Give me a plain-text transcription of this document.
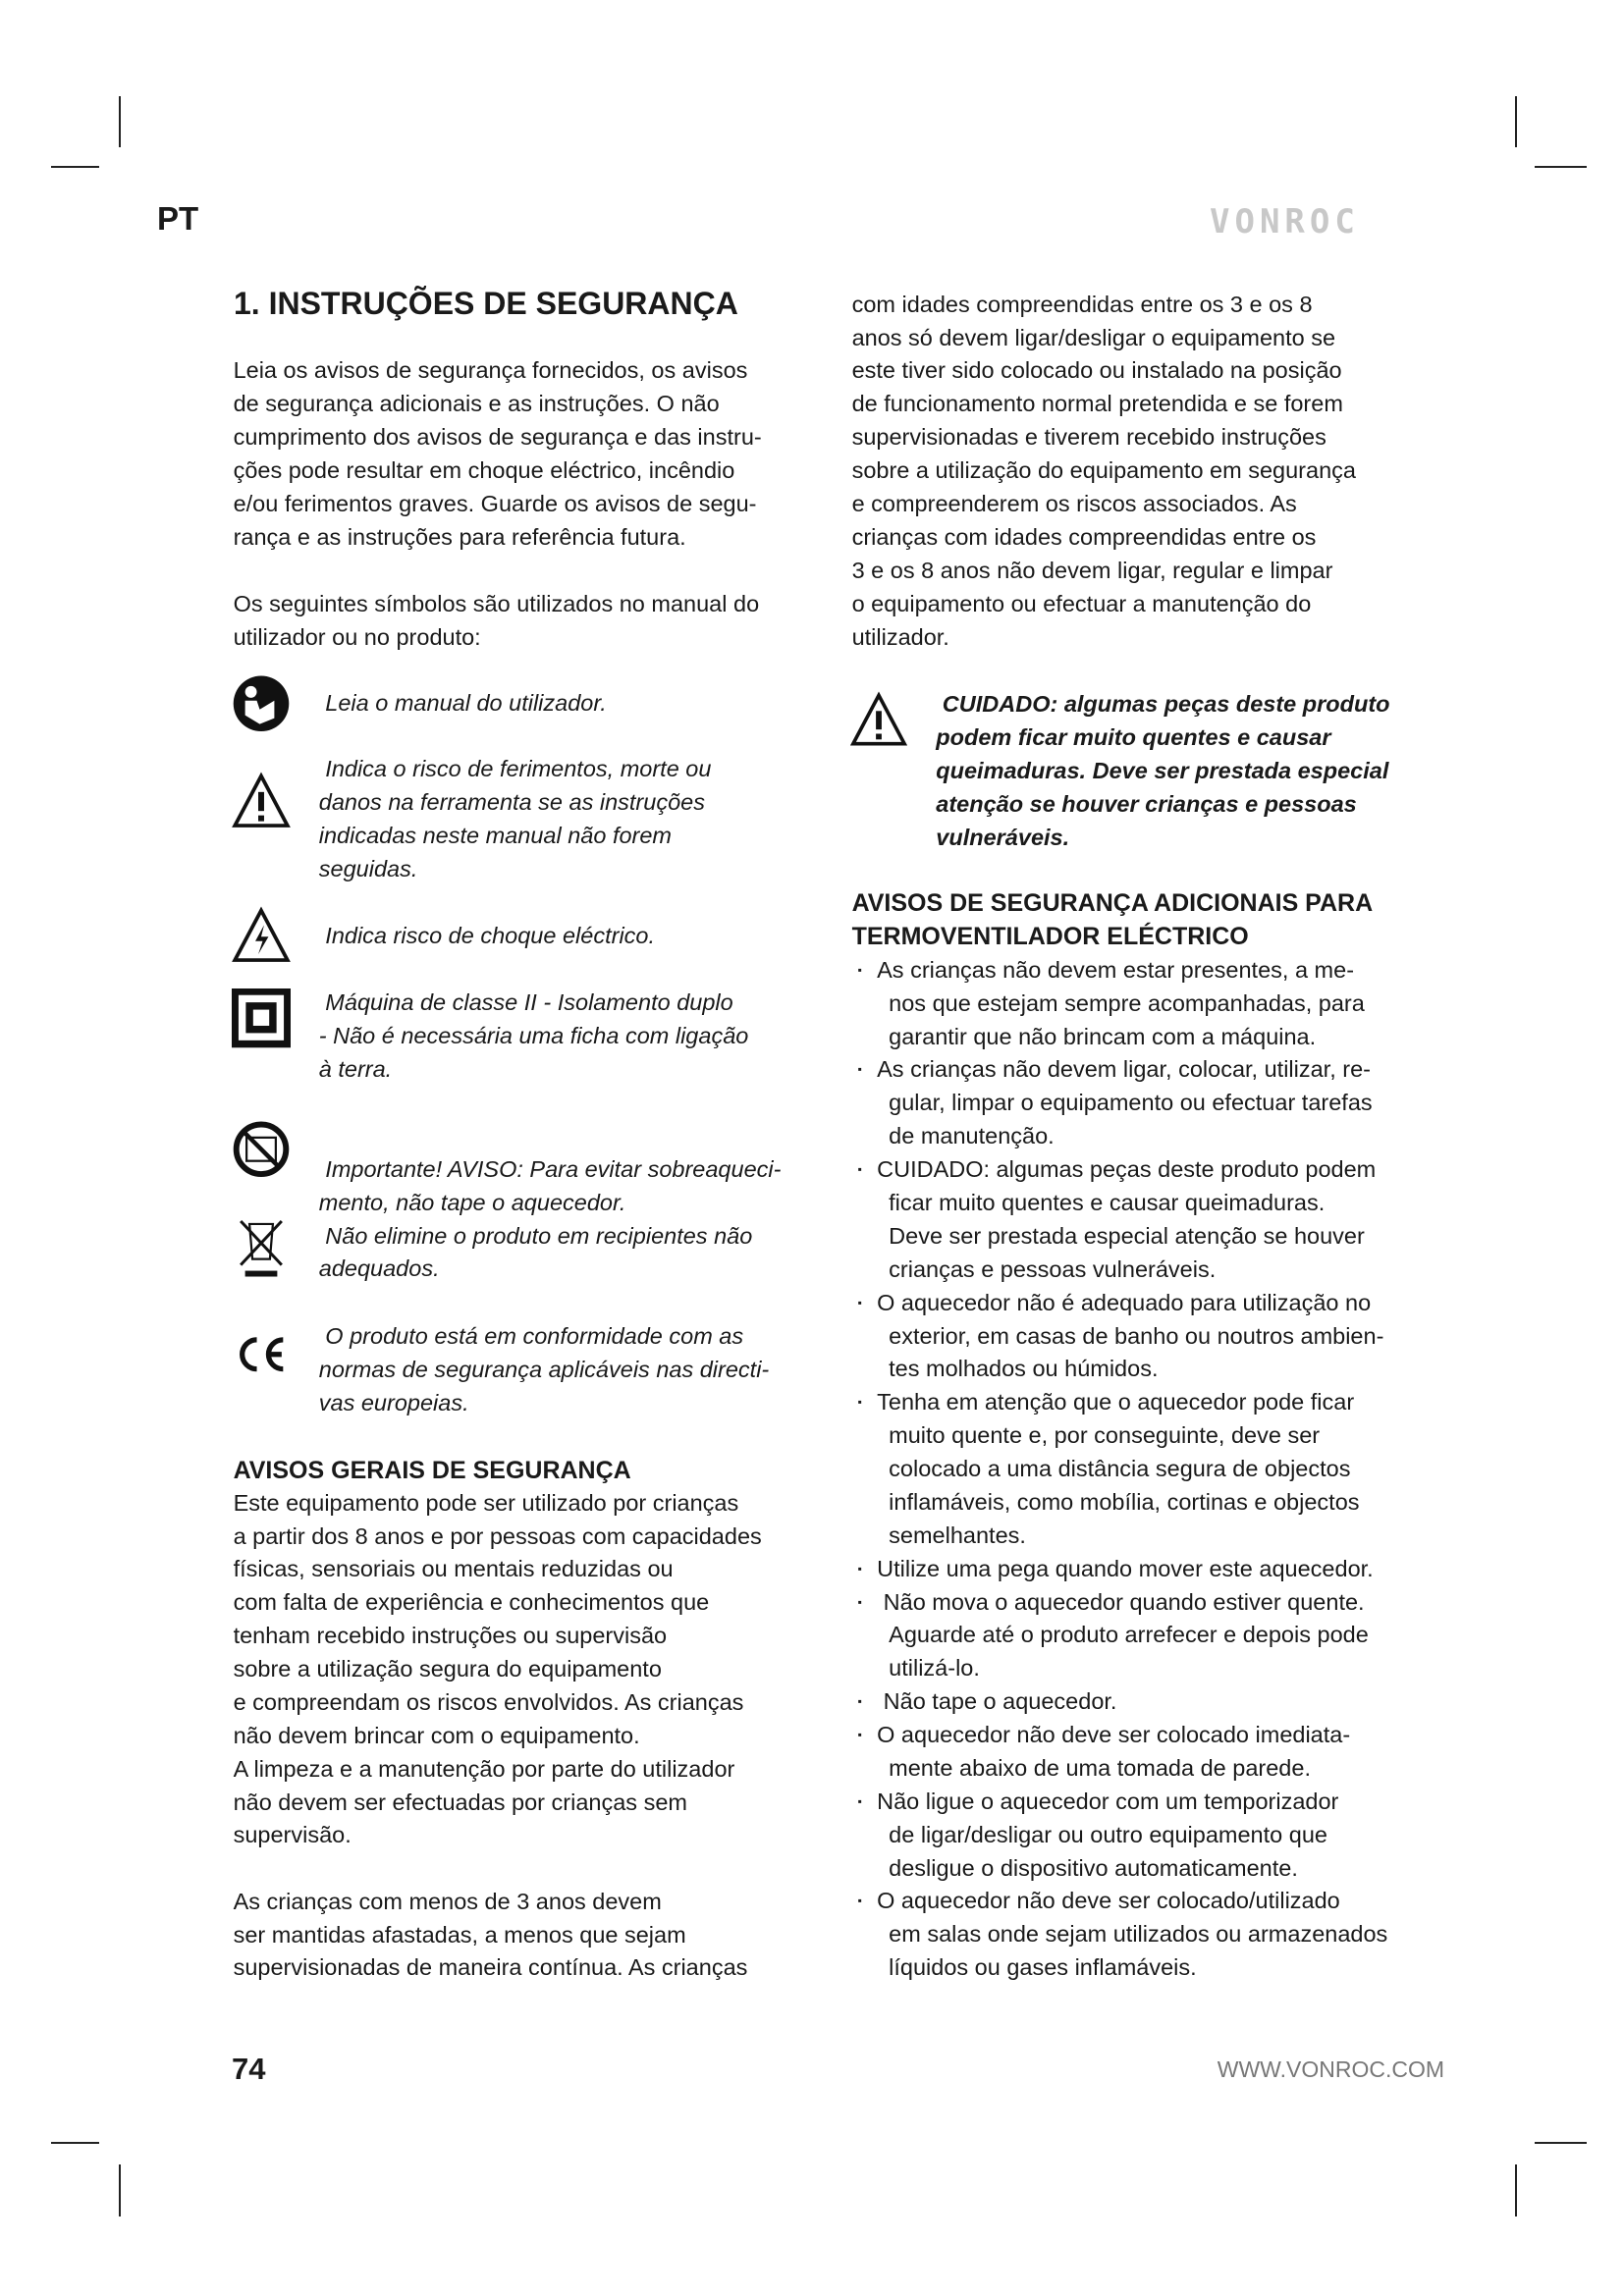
PT	VONROC
1. INSTRUÇÕES DE SEGURANÇA
Leia os avisos de segurança fornecidos, os avisos
de segurança adicionais e as instruções. O não
cumprimento dos avisos de segurança e das instru-
ções pode resultar em choque eléctrico, incêndio
e/ou ferimentos graves. Guarde os avisos de segu-
rança e as instruções para referência futura.
Os seguintes símbolos são utilizados no manual do
utilizador ou no produto:
Leia o manual do utilizador.
Indica o risco de ferimentos, morte ou
danos na ferramenta se as instruções
indicadas neste manual não forem
seguidas.
Indica risco de choque eléctrico.
Máquina de classe II - Isolamento duplo
- Não é necessária uma ficha com ligação
à terra.
Importante! AVISO: Para evitar sobreaqueci-
mento, não tape o aquecedor.
Não elimine o produto em recipientes não
adequados.
O produto está em conformidade com as
normas de segurança aplicáveis nas directi-
vas europeias.
AVISOS GERAIS DE SEGURANÇA
Este equipamento pode ser utilizado por crianças
a partir dos 8 anos e por pessoas com capacidades
físicas, sensoriais ou mentais reduzidas ou
com falta de experiência e conhecimentos que
tenham recebido instruções ou supervisão
sobre a utilização segura do equipamento
e compreendam os riscos envolvidos. As crianças
não devem brincar com o equipamento.
A limpeza e a manutenção por parte do utilizador
não devem ser efectuadas por crianças sem
supervisão.
As crianças com menos de 3 anos devem
ser mantidas afastadas, a menos que sejam
supervisionadas de maneira contínua. As crianças
com idades compreendidas entre os 3 e os 8
anos só devem ligar/desligar o equipamento se
este tiver sido colocado ou instalado na posição
de funcionamento normal pretendida e se forem
supervisionadas e tiverem recebido instruções
sobre a utilização do equipamento em segurança
e compreenderem os riscos associados. As
crianças com idades compreendidas entre os
3 e os 8 anos não devem ligar, regular e limpar
o equipamento ou efectuar a manutenção do
utilizador.
CUIDADO: algumas peças deste produto
podem ficar muito quentes e causar
queimaduras. Deve ser prestada especial
atenção se houver crianças e pessoas
vulneráveis.
AVISOS DE SEGURANÇA ADICIONAIS PARA
TERMOVENTILADOR ELÉCTRICO
▪ As crianças não devem estar presentes, a me-
nos que estejam sempre acompanhadas, para
garantir que não brincam com a máquina.
▪ As crianças não devem ligar, colocar, utilizar, re-
gular, limpar o equipamento ou efectuar tarefas
de manutenção.
▪ CUIDADO: algumas peças deste produto podem
ficar muito quentes e causar queimaduras.
Deve ser prestada especial atenção se houver
crianças e pessoas vulneráveis.
▪ O aquecedor não é adequado para utilização no
exterior, em casas de banho ou noutros ambien-
tes molhados ou húmidos.
▪ Tenha em atenção que o aquecedor pode ficar
muito quente e, por conseguinte, deve ser
colocado a uma distância segura de objectos
inflamáveis, como mobília, cortinas e objectos
semelhantes.
▪ Utilize uma pega quando mover este aquecedor.
▪ Não mova o aquecedor quando estiver quente.
Aguarde até o produto arrefecer e depois pode
utilizá-lo.
▪ Não tape o aquecedor.
▪ O aquecedor não deve ser colocado imediata-
mente abaixo de uma tomada de parede.
▪ Não ligue o aquecedor com um temporizador
de ligar/desligar ou outro equipamento que
desligue o dispositivo automaticamente.
▪ O aquecedor não deve ser colocado/utilizado
em salas onde sejam utilizados ou armazenados
líquidos ou gases inflamáveis.
74	WWW.VONROC.COM
